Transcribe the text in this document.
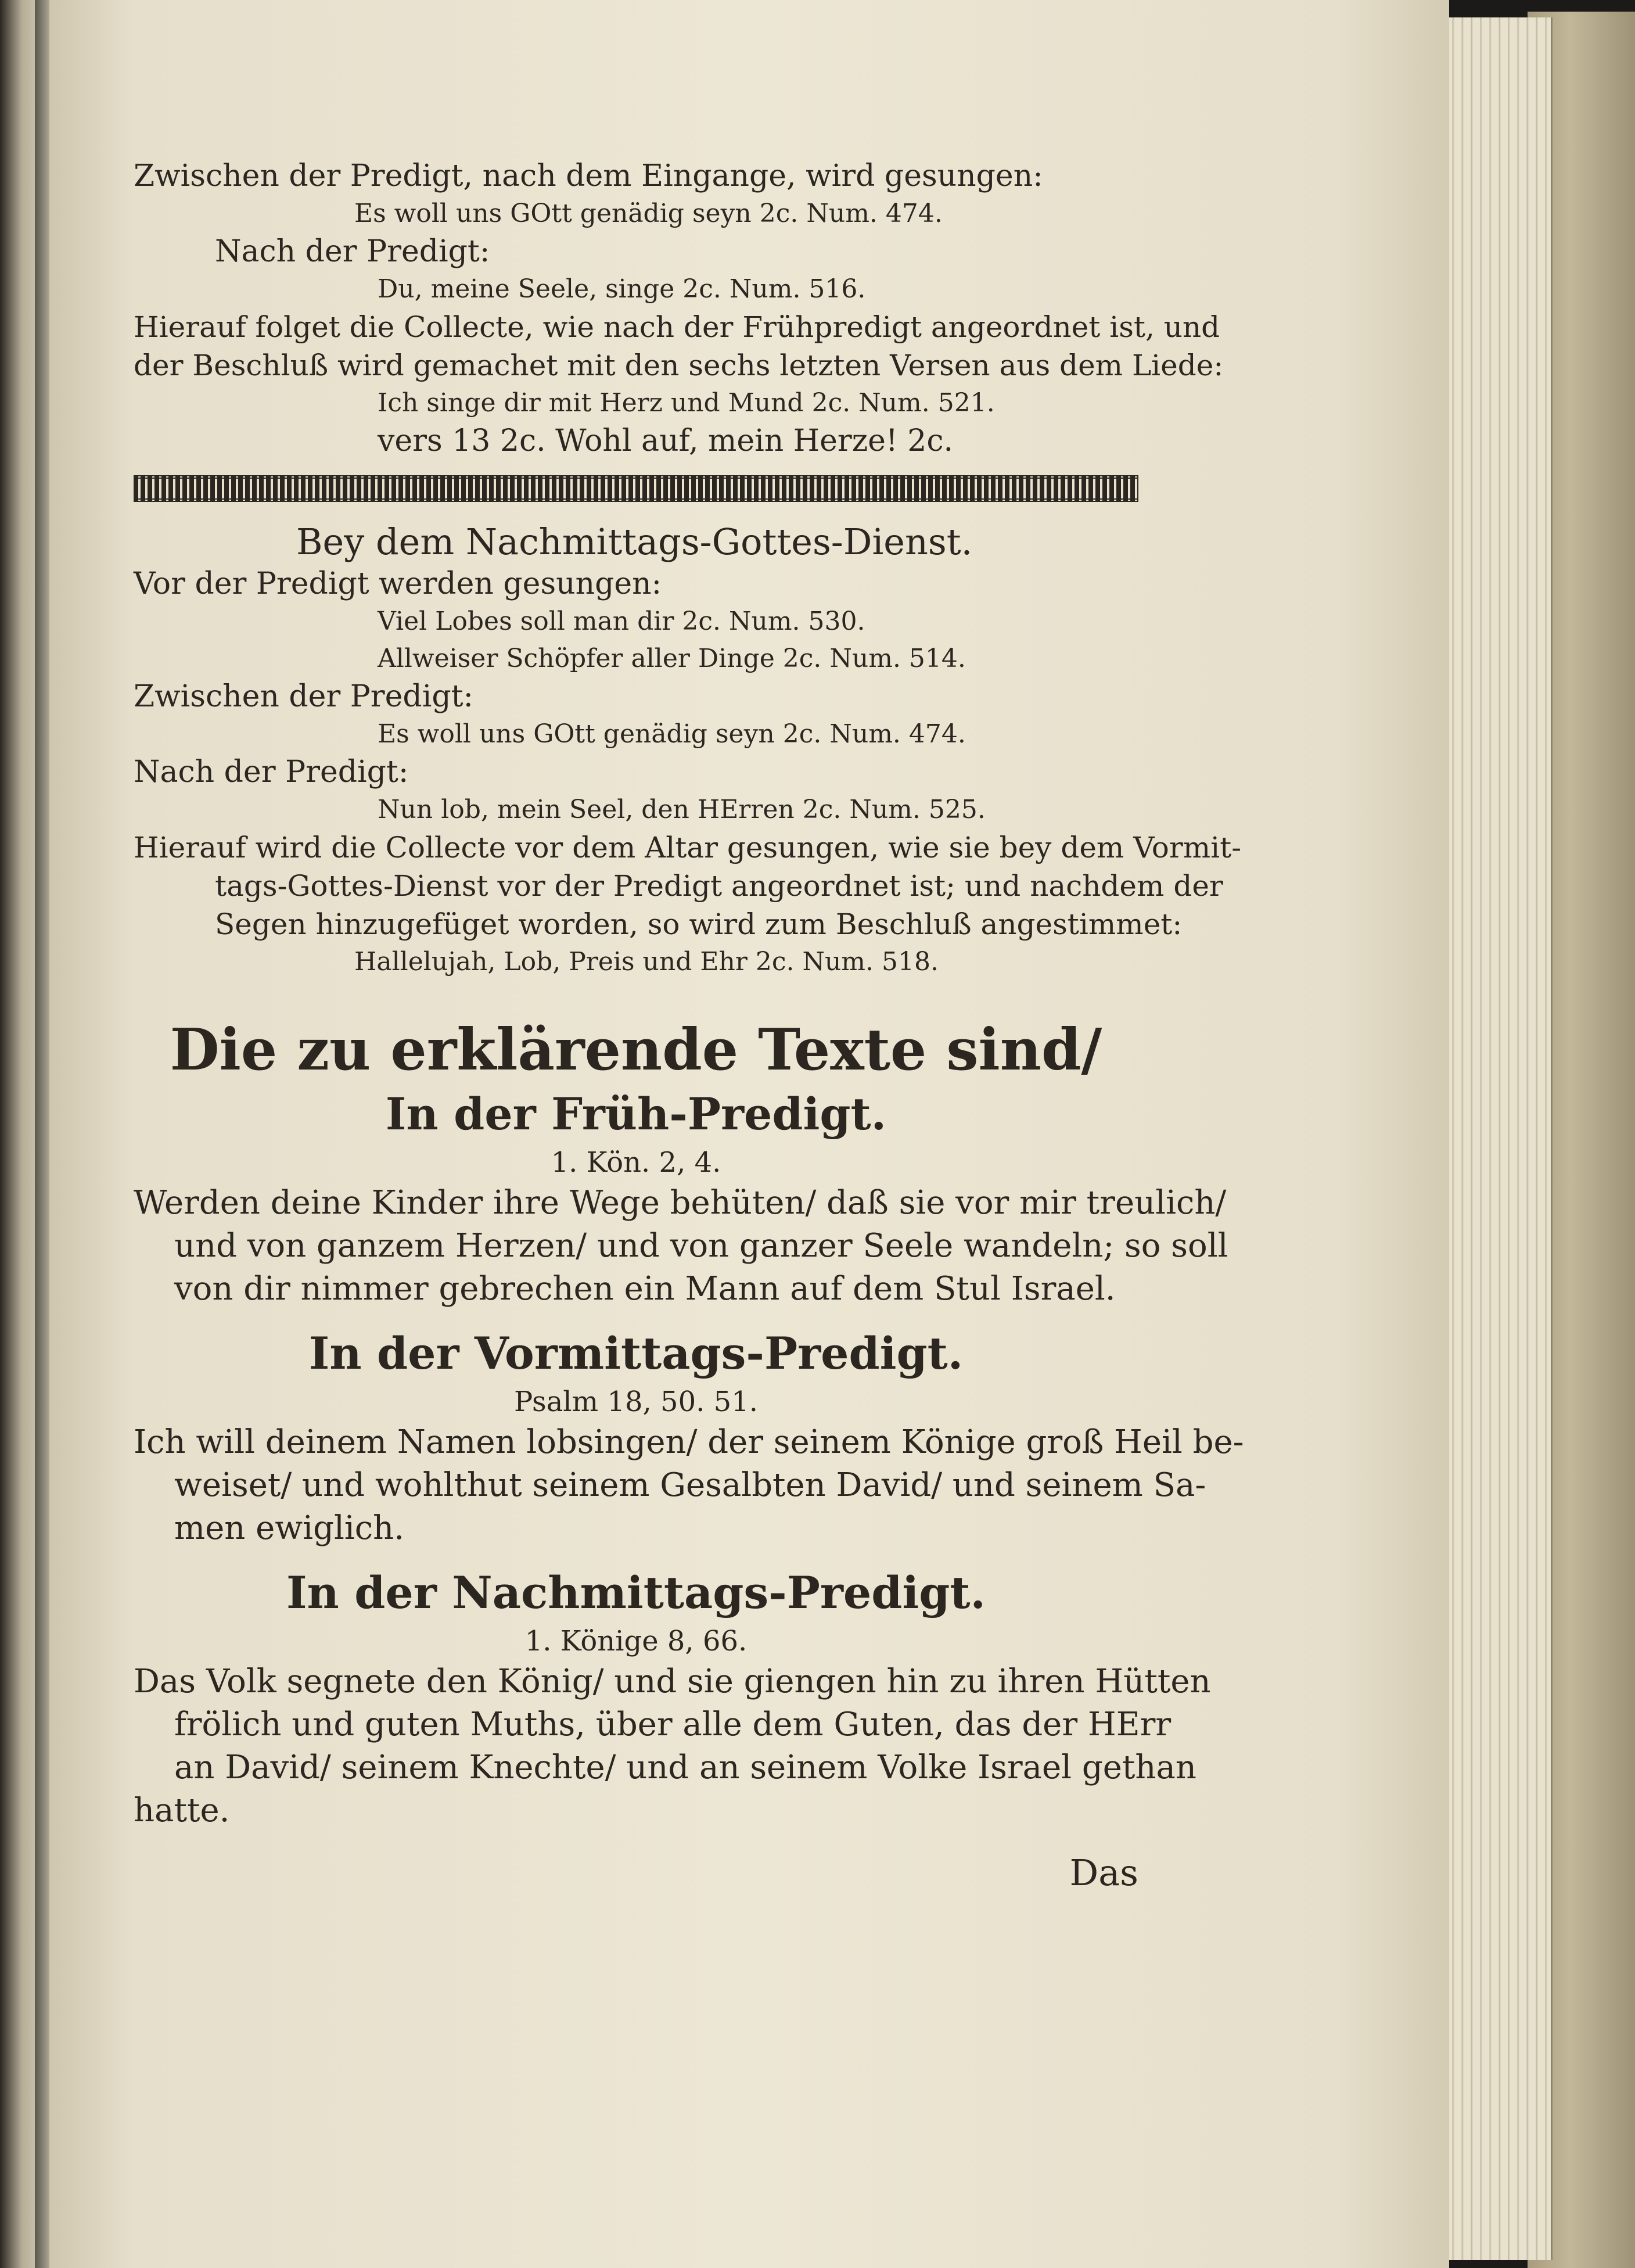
Zwischen der Predigt, nach dem Eingange, wird gesungen:

Es woll uns GOtt genädig seyn 2c. Num. 474.

Nach der Predigt:

Du, meine Seele, singe 2c. Num. 516.

Hierauf folget die Collecte, wie nach der Frühpredigt angeordnet ist, und

der Beschluß wird gemachet mit den sechs letzten Versen aus dem Liede:

Ich singe dir mit Herz und Mund 2c. Num. 521.

vers 13 2c. Wohl auf, mein Herze! 2c.

Bey dem Nachmittags-Gottes-Dienst.

Vor der Predigt werden gesungen:

Viel Lobes soll man dir 2c. Num. 530.

Allweiser Schöpfer aller Dinge 2c. Num. 514.

Zwischen der Predigt:

Es woll uns GOtt genädig seyn 2c. Num. 474.

Nach der Predigt:

Nun lob, mein Seel, den HErren 2c. Num. 525.

Hierauf wird die Collecte vor dem Altar gesungen, wie sie bey dem Vormit-

tags-Gottes-Dienst vor der Predigt angeordnet ist; und nachdem der

Segen hinzugefüget worden, so wird zum Beschluß angestimmet:

Hallelujah, Lob, Preis und Ehr 2c. Num. 518.

Die zu erklärende Texte sind/

In der Früh-Predigt.

1. Kön. 2, 4.

Werden deine Kinder ihre Wege behüten/ daß sie vor mir treulich/

und von ganzem Herzen/ und von ganzer Seele wandeln; so soll

von dir nimmer gebrechen ein Mann auf dem Stul Israel.

In der Vormittags-Predigt.

Psalm 18, 50. 51.

Ich will deinem Namen lobsingen/ der seinem Könige groß Heil be-

weiset/ und wohlthut seinem Gesalbten David/ und seinem Sa-

men ewiglich.

In der Nachmittags-Predigt.

1. Könige 8, 66.

Das Volk segnete den König/ und sie giengen hin zu ihren Hütten

frölich und guten Muths, über alle dem Guten, das der HErr

an David/ seinem Knechte/ und an seinem Volke Israel gethan

hatte.

Das
